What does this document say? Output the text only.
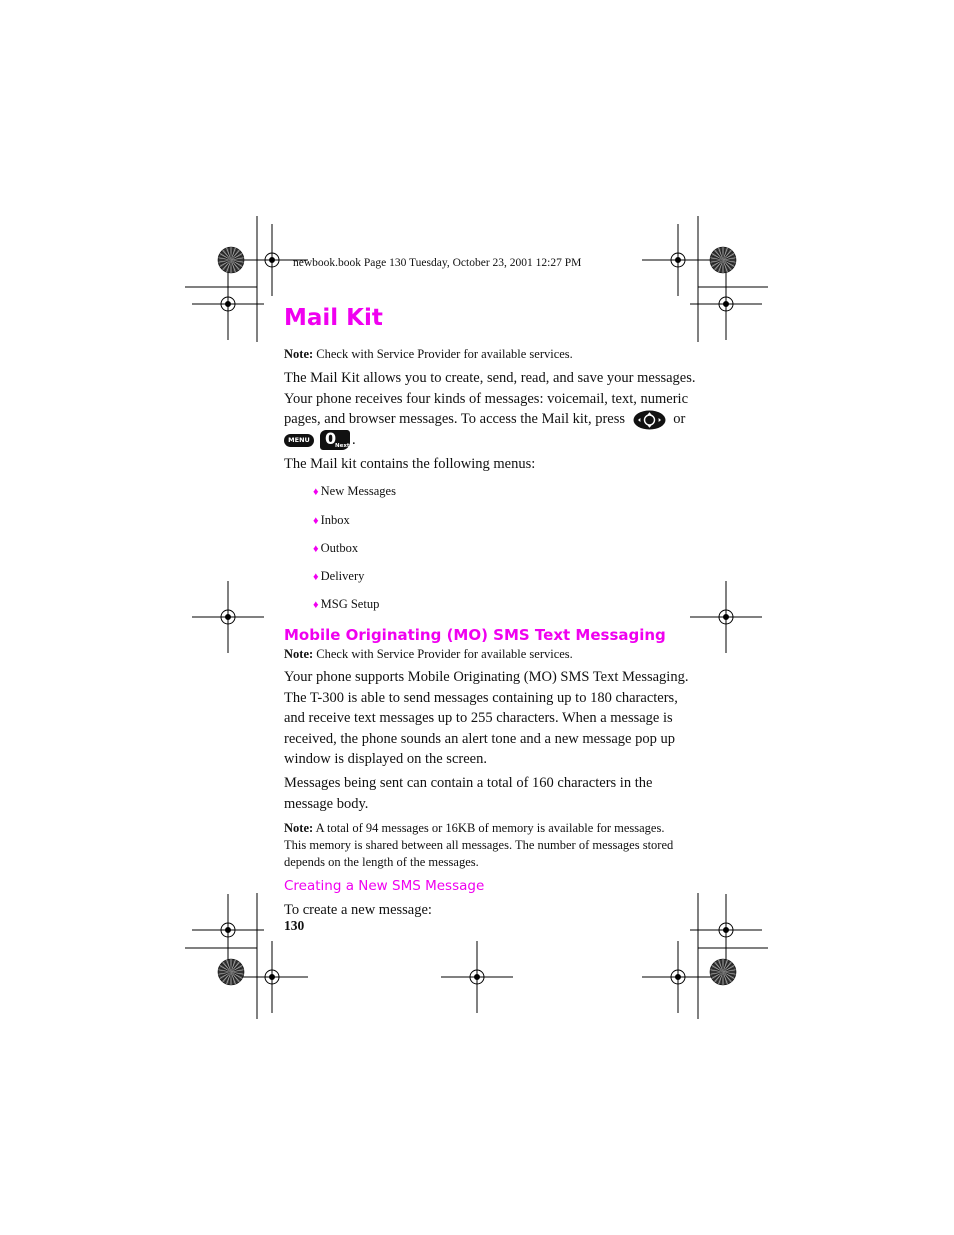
newbook.book Page 130 Tuesday, October 23, 2001 12:27 PM
Mail Kit
Note: Check with Service Provider for available services.
The Mail Kit allows you to create, send, read, and save your messages.
Your phone receives four kinds of messages: voicemail, text, numeric
pages, and browser messages. To access the Mail kit, press	or
MENU 0
Next .
The Mail kit contains the following menus:
♦ New Messages
♦ Inbox
♦ Outbox
♦ Delivery
♦ MSG Setup
Mobile Originating (MO) SMS Text Messaging
Note: Check with Service Provider for available services.
Your phone supports Mobile Originating (MO) SMS Text Messaging.
The T-300 is able to send messages containing up to 180 characters,
and receive text messages up to 255 characters. When a message is
received, the phone sounds an alert tone and a new message pop up
window is displayed on the screen.
Messages being sent can contain a total of 160 characters in the
message body.
Note: A total of 94 messages or 16KB of memory is available for messages.
This memory is shared between all messages. The number of messages stored
depends on the length of the messages.
Creating a New SMS Message
To create a new message:
130
